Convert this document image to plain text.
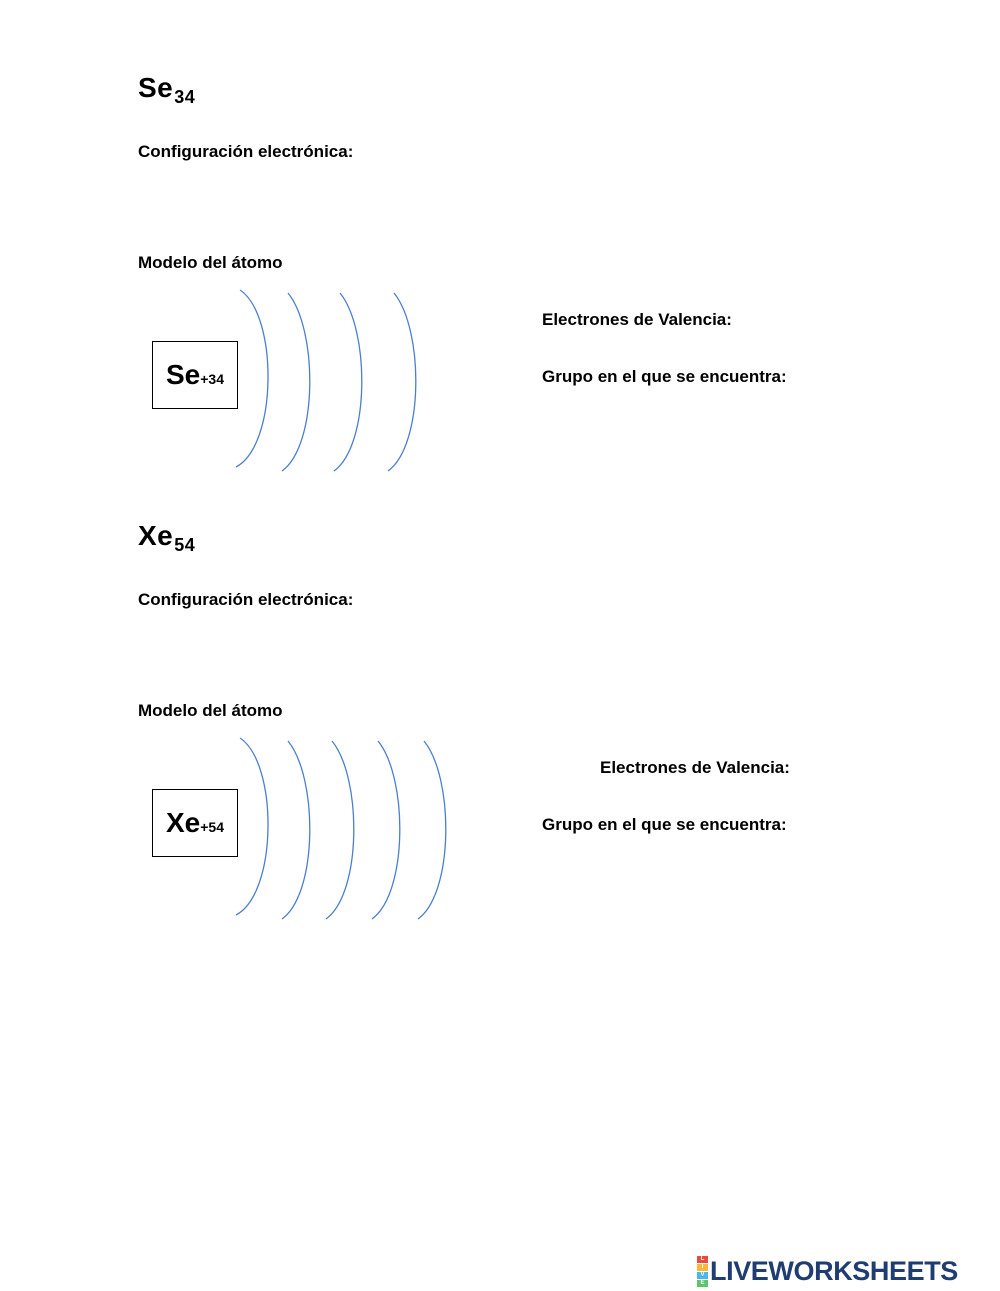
$Se_{34}$
Configuración electrónica:
Modelo del átomo
Se +34
Electrones de Valencia:
Grupo en el que se encuentra:
$Xe_{54}$
Configuración electrónica:
Modelo del átomo
Xe +54
Electrones de Valencia:
Grupo en el que se encuentra:
L
I
V
E LIVEWORKSHEETS
